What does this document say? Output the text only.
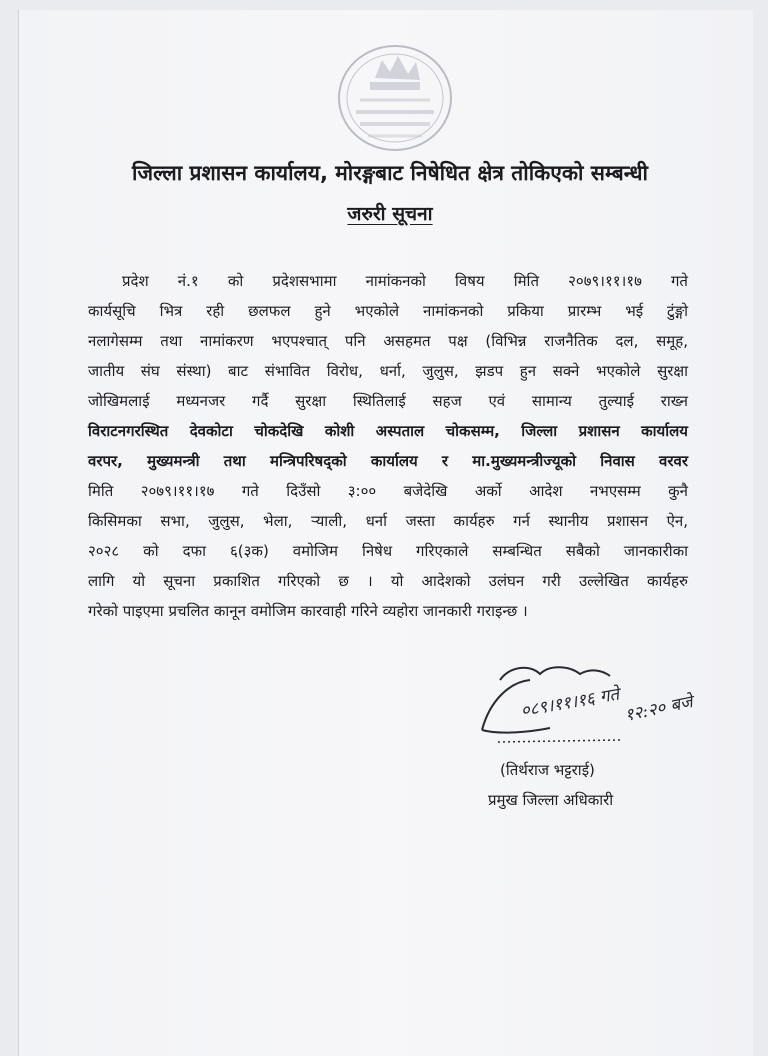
जिल्ला प्रशासन कार्यालय, मोरङ्गबाट निषेधित क्षेत्र तोकिएको सम्बन्धी
जरुरी सूचना
प्रदेश नं.१ को प्रदेशसभामा नामांकनको विषय मिति २०७९।११।१७ गते
कार्यसूचि भित्र रही छलफल हुने भएकोले नामांकनको प्रकिया प्रारम्भ भई टुंङ्गो
नलागेसम्म तथा नामांकरण भएपश्चात् पनि असहमत पक्ष (विभिन्न राजनैतिक दल, समूह,
जातीय संघ संस्था) बाट संभावित विरोध, धर्ना, जुलुस, झडप हुन सक्ने भएकोले सुरक्षा
जोखिमलाई मध्यनजर गर्दै सुरक्षा स्थितिलाई सहज एवं सामान्य तुल्याई राख्न
विराटनगरस्थित देवकोटा चोकदेखि कोशी अस्पताल चोकसम्म, जिल्ला प्रशासन कार्यालय
वरपर, मुख्यमन्त्री तथा मन्त्रिपरिषद्को कार्यालय र मा.मुख्यमन्त्रीज्यूको निवास वरवर
मिति २०७९।११।१७ गते दिउँसो ३:०० बजेदेखि अर्को आदेश नभएसम्म कुनै
किसिमका सभा, जुलुस, भेला, र्‍याली, धर्ना जस्ता कार्यहरु गर्न स्थानीय प्रशासन ऐन,
२०२८ को दफा ६(३क) वमोजिम निषेध गरिएकाले सम्बन्धित सबैको जानकारीका
लागि यो सूचना प्रकाशित गरिएको छ । यो आदेशको उलंघन गरी उल्लेखित कार्यहरु
गरेको पाइएमा प्रचलित कानून वमोजिम कारवाही गरिने व्यहोरा जानकारी गराइन्छ ।
०८९।११।१६ गते १२:२० बजे
(तिर्थराज भट्टराई)
प्रमुख जिल्ला अधिकारी
